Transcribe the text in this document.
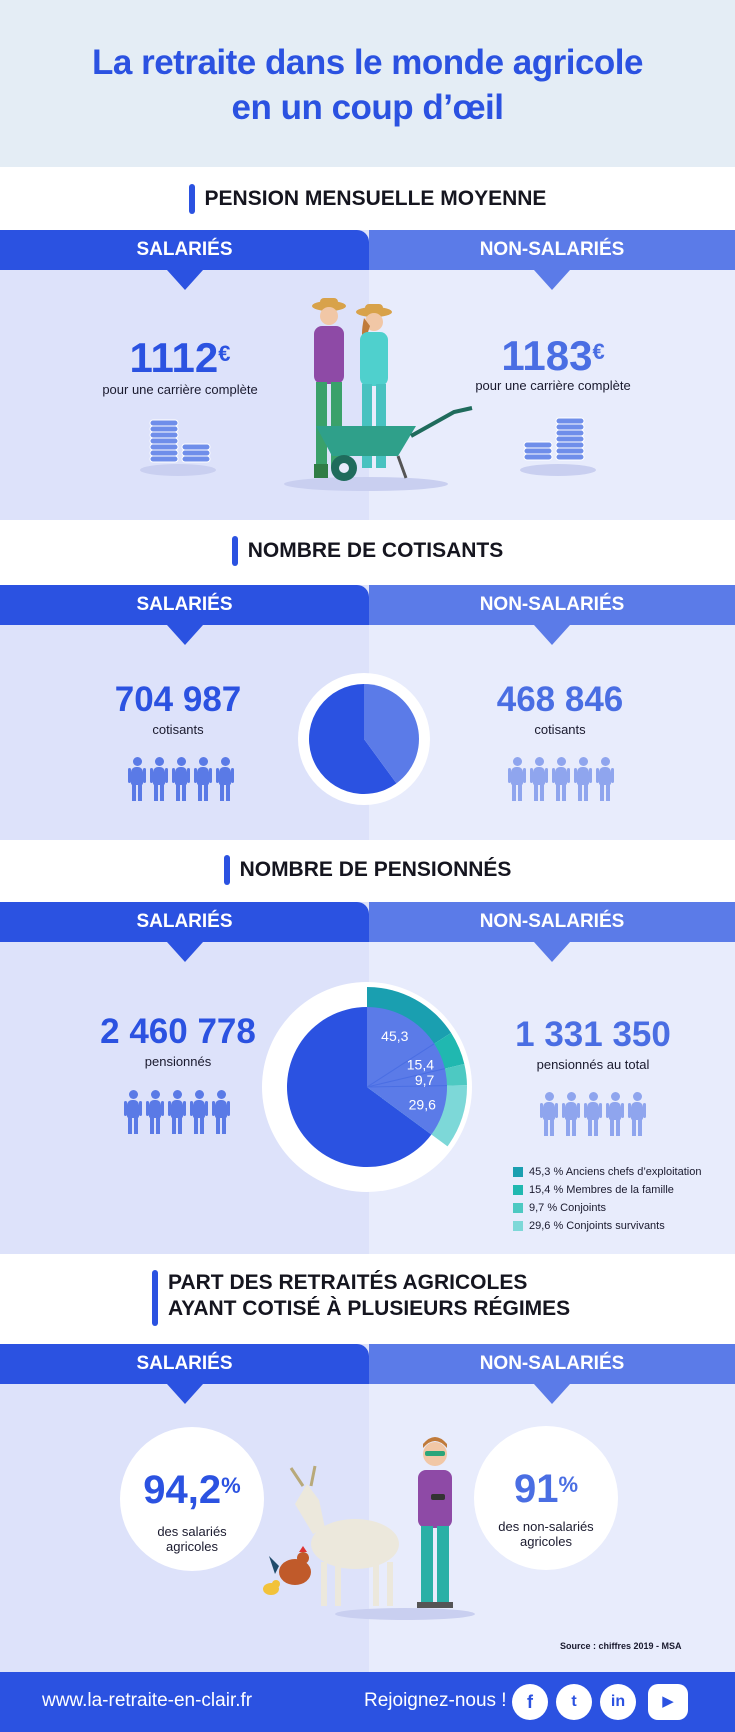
La retraite dans le monde agricole
en un coup d’œil
PENSION MENSUELLE MOYENNE
SALARIÉS	NON-SALARIÉS
1112€
pour une carrière complète
1183€
pour une carrière complète
NOMBRE DE COTISANTS
SALARIÉS	NON-SALARIÉS
704 987
cotisants
468 846
cotisants
NOMBRE DE PENSIONNÉS
SALARIÉS	NON-SALARIÉS
2 460 778
pensionnés
1 331 350
pensionnés au total
45,3
15,4
9,7
29,6
45,3 % Anciens chefs d’exploitation
15,4 % Membres de la famille
9,7 % Conjoints
29,6 % Conjoints survivants
PART DES RETRAITÉS AGRICOLES
AYANT COTISÉ À PLUSIEURS RÉGIMES
SALARIÉS	NON-SALARIÉS
94,2%
des salariés
agricoles
91%
des non-salariés
agricoles
Source : chiffres 2019 - MSA
www.la-retraite-en-clair.fr	Rejoignez-nous !	f	t	in	▶
